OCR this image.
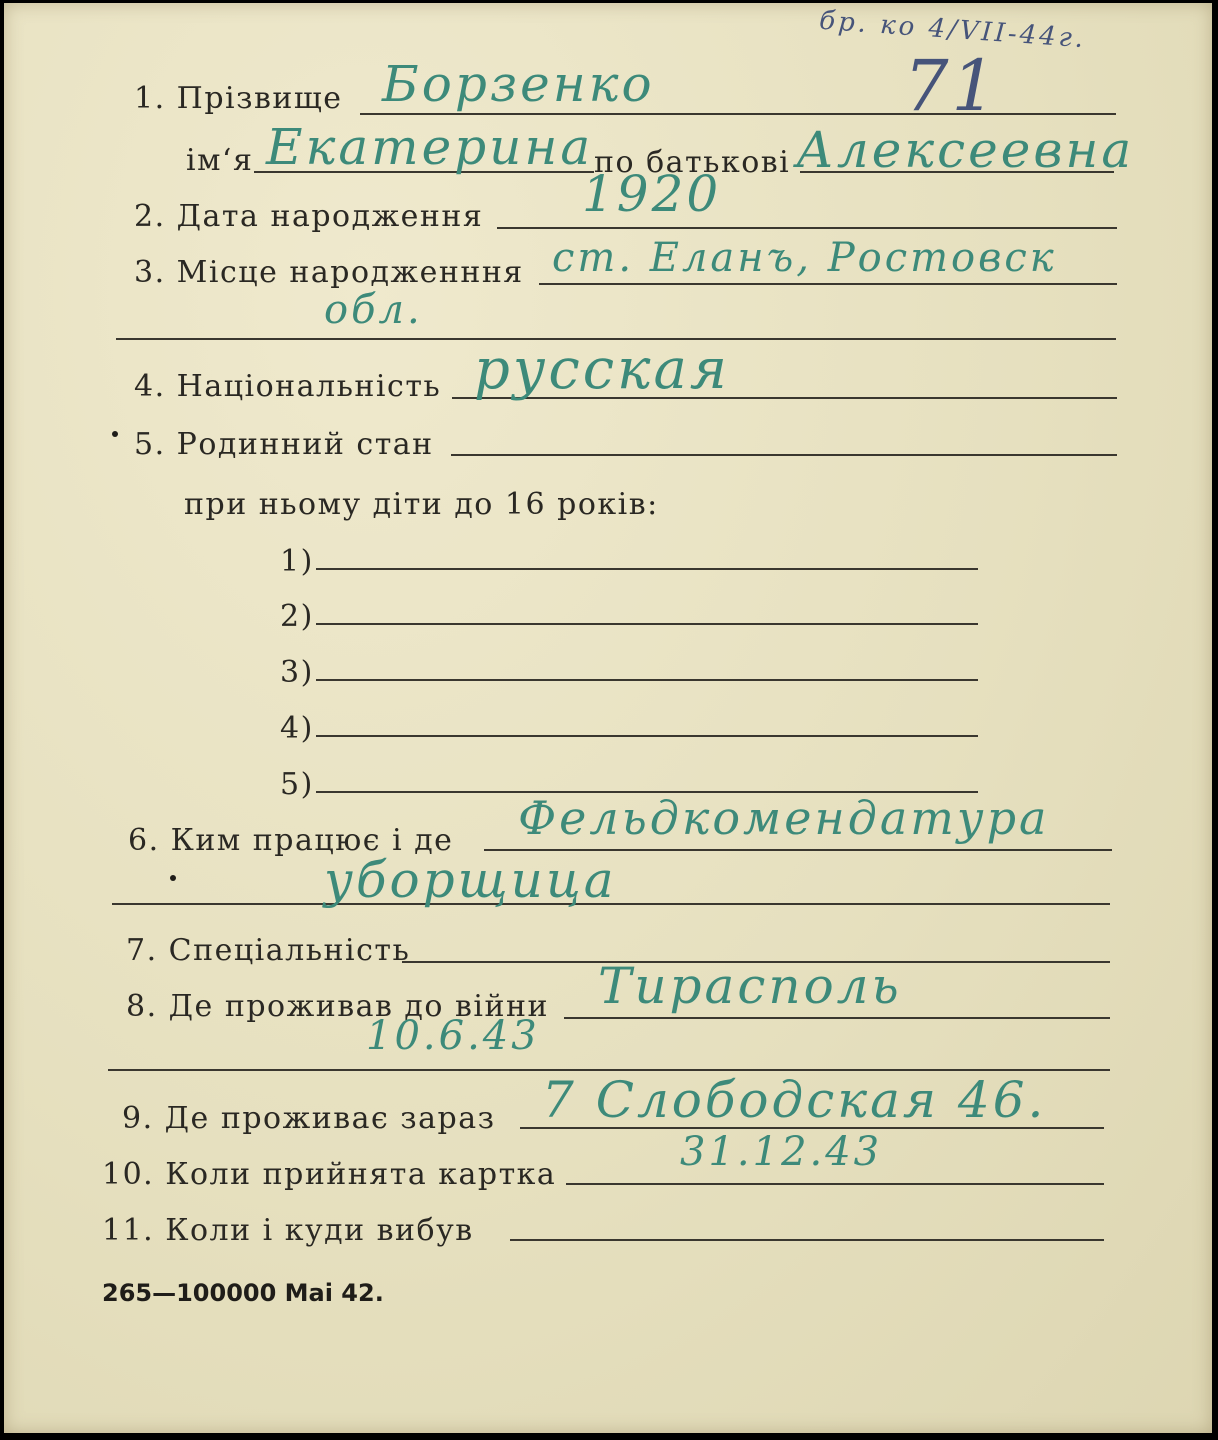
бр. ко 4/VII-44г.
71
1. Прізвище Борзенко
ім‘я Екатерина по батькові Алексеевна
2. Дата народження 1920
3. Місце народженння ст. Еланъ, Ростовск
обл.
4. Національність русская
5. Родинний стан
при ньому діти до 16 років:
1)
2)
3)
4)
5)
6. Ким працює і де Фельдкомендатура
уборщица
7. Спеціальність
8. Де проживав до війни Тирасполь
10.6.43
9. Де проживає зараз 7 Слободская 46.
10. Коли прийнята картка	31.12.43
11. Коли і куди вибув
265—100000 Mai 42.
